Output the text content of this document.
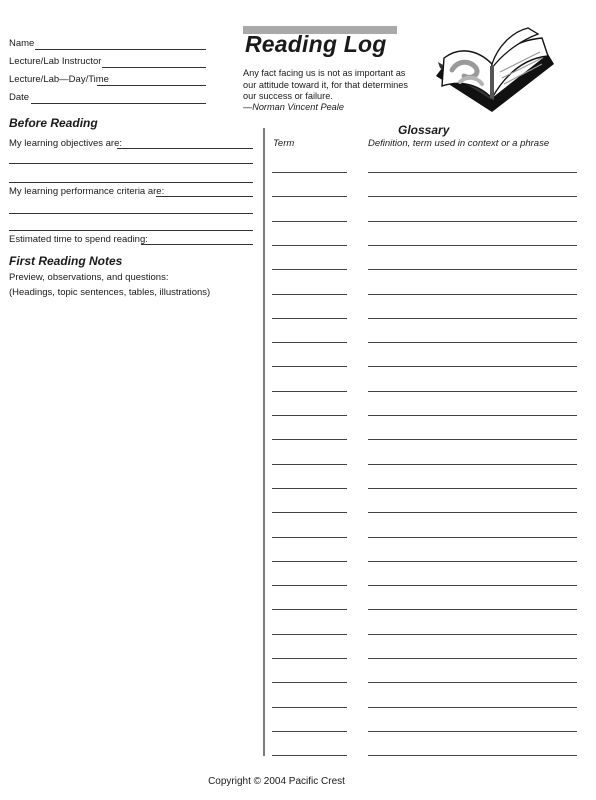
Name
Lecture/Lab Instructor
Lecture/Lab—Day/Time
Date
Reading Log
Any fact facing us is not as important as our attitude toward it, for that determines our success or failure.
—Norman Vincent Peale
Before Reading
My learning objectives are:
My learning performance criteria are:
Estimated time to spend reading:
First Reading Notes
Preview, observations, and questions:
(Headings, topic sentences, tables, illustrations)
Glossary
Term	Definition, term used in context or a phrase
Copyright © 2004 Pacific Crest
